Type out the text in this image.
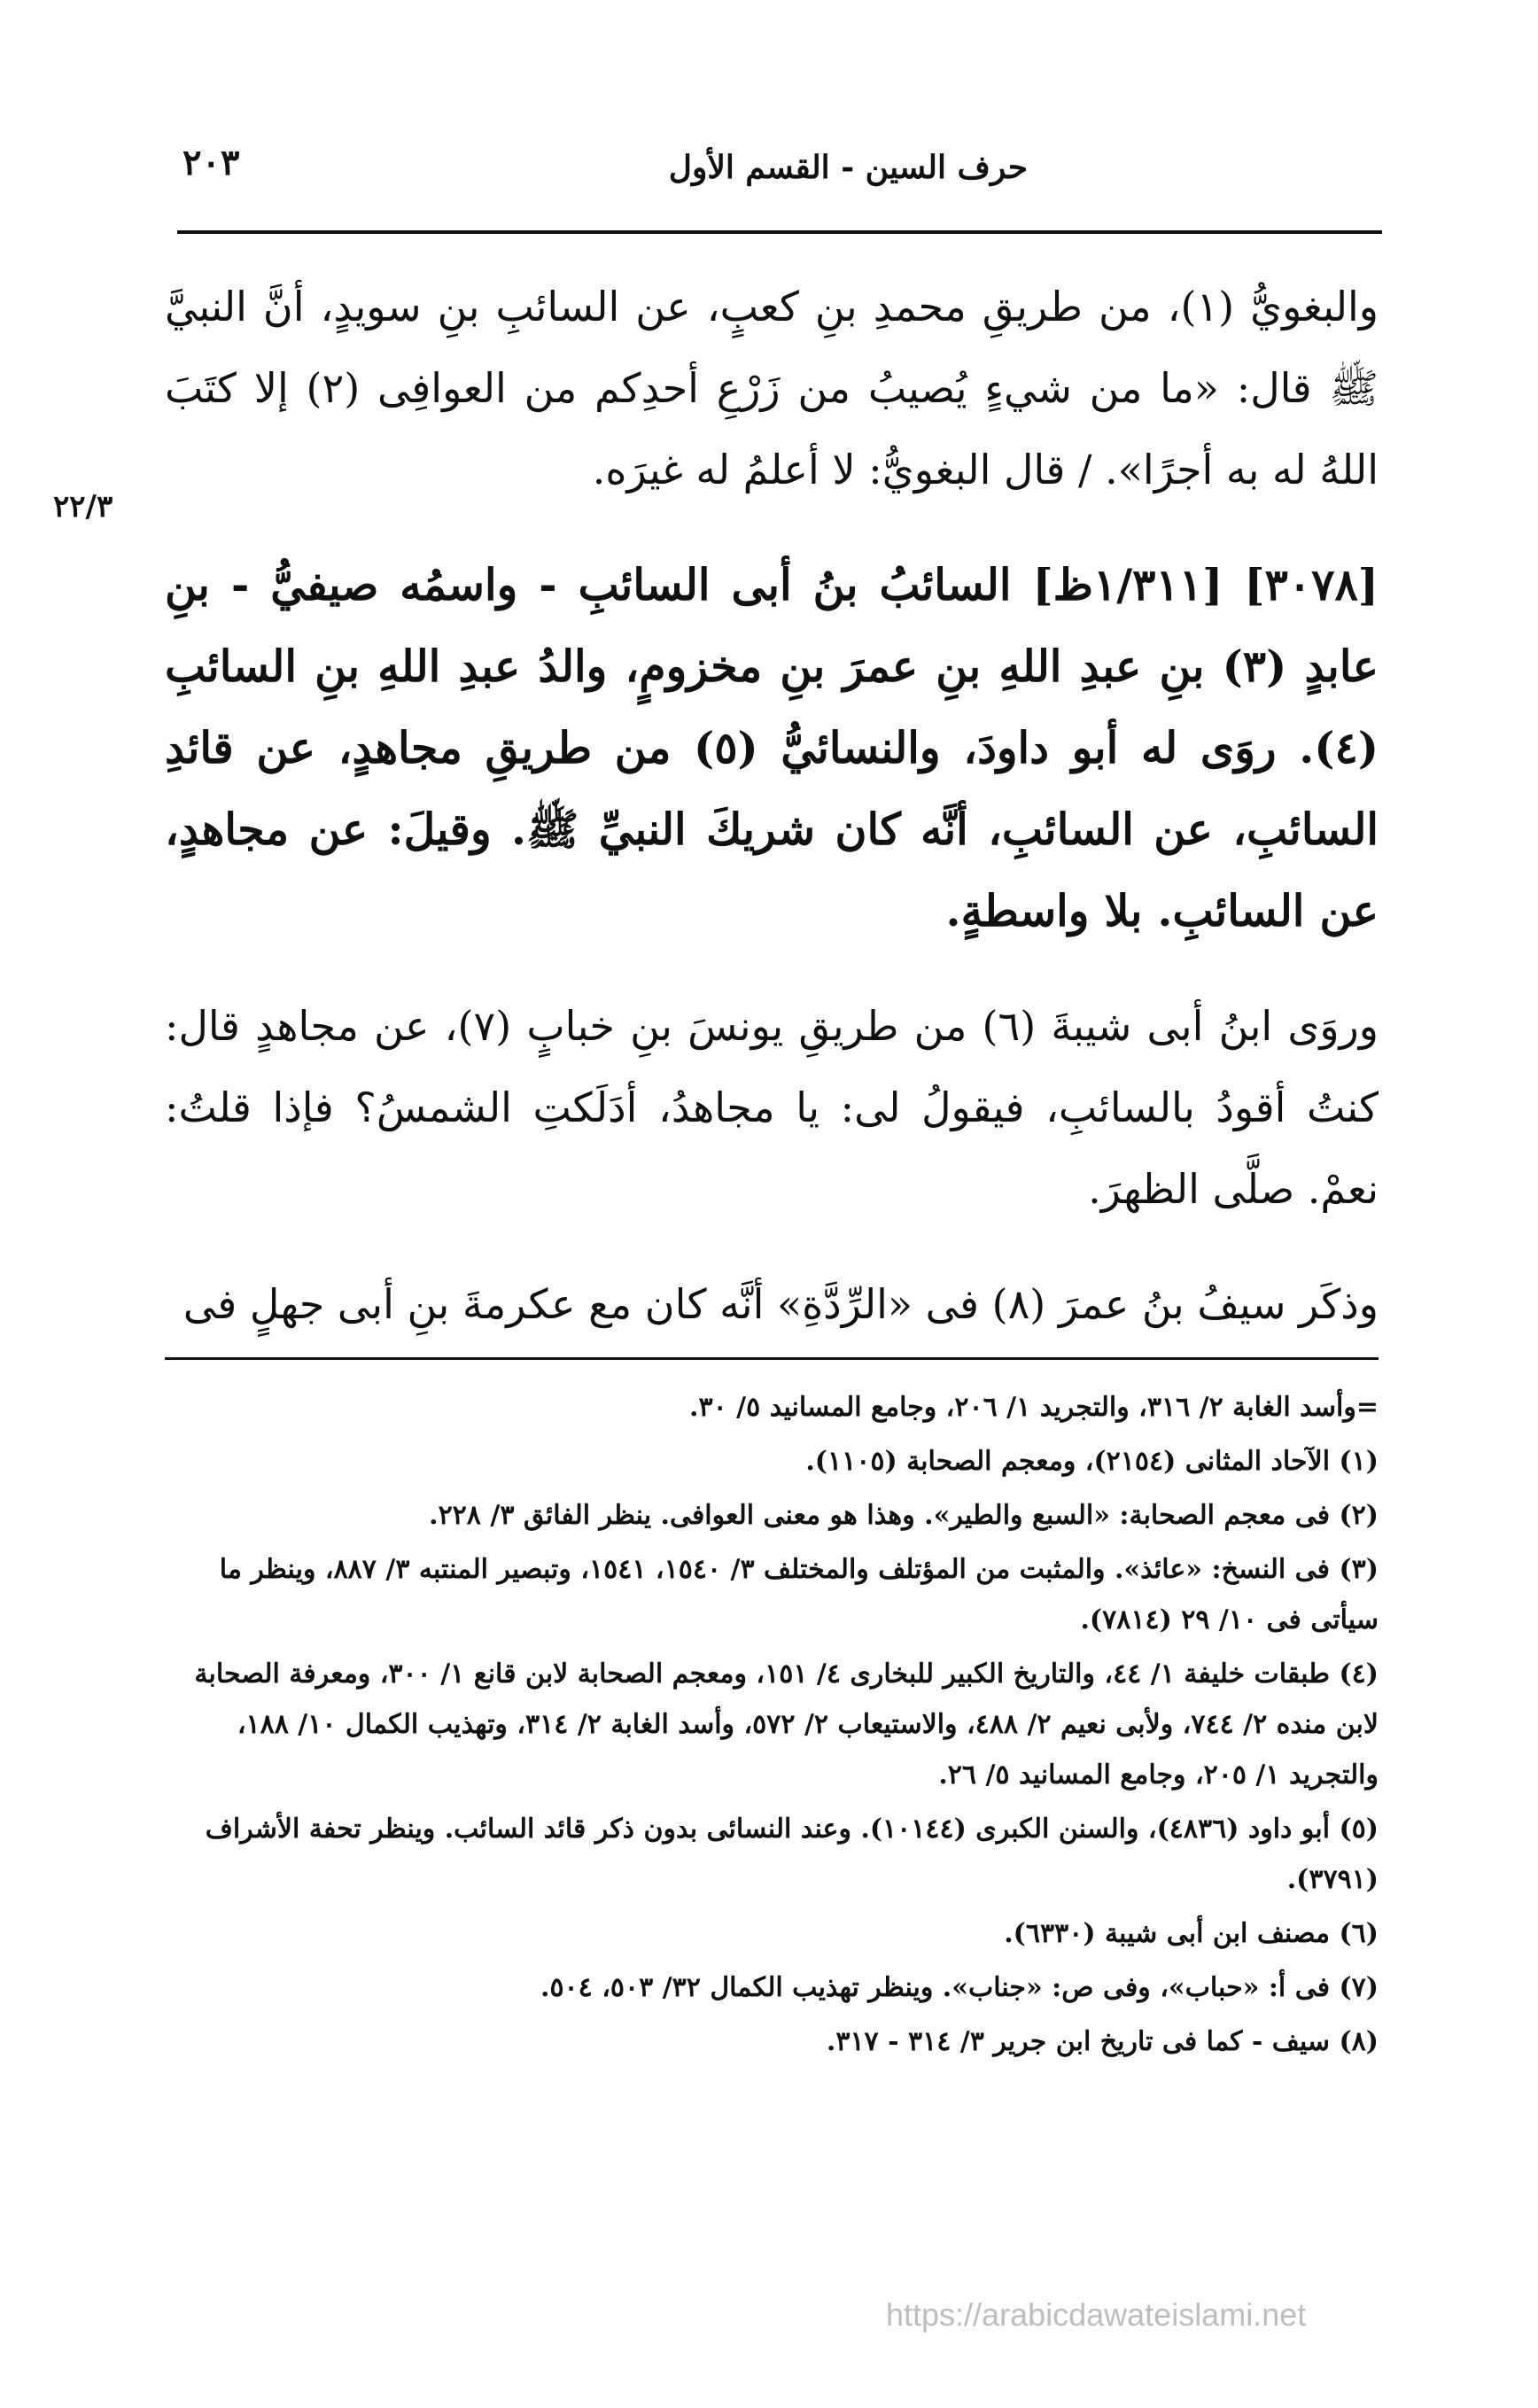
حرف السين - القسم الأول
٢٠٣
٢٢/٣

والبغويُّ (١)، من طريقِ محمدِ بنِ كعبٍ، عن السائبِ بنِ سويدٍ، أنَّ النبيَّ ﷺ قال: «ما من شيءٍ يُصيبُ من زَرْعِ أحدِكم من العوافِى (٢) إلا كتَبَ اللهُ له به أجرًا». / قال البغويُّ: لا أعلمُ له غيرَه.

[٣٠٧٨] [١/٣١١ظ] السائبُ بنُ أبى السائبِ - واسمُه صيفيُّ - بنِ عابدٍ (٣) بنِ عبدِ اللهِ بنِ عمرَ بنِ مخزومٍ، والدُ عبدِ اللهِ بنِ السائبِ (٤). روَى له أبو داودَ، والنسائيُّ (٥) من طريقِ مجاهدٍ، عن قائدِ السائبِ، عن السائبِ، أنَّه كان شريكَ النبيِّ ﷺ. وقيلَ: عن مجاهدٍ، عن السائبِ. بلا واسطةٍ.

وروَى ابنُ أبى شيبةَ (٦) من طريقِ يونسَ بنِ خبابٍ (٧)، عن مجاهدٍ قال: كنتُ أقودُ بالسائبِ، فيقولُ لى: يا مجاهدُ، أدَلَكتِ الشمسُ؟ فإذا قلتُ: نعمْ. صلَّى الظهرَ.

وذكَر سيفُ بنُ عمرَ (٨) فى «الرِّدَّةِ» أنَّه كان مع عكرمةَ بنِ أبى جهلٍ فى

=وأسد الغابة ٢/ ٣١٦، والتجريد ١/ ٢٠٦، وجامع المسانيد ٥/ ٣٠.

(١) الآحاد المثانى (٢١٥٤)، ومعجم الصحابة (١١٠٥).

(٢) فى معجم الصحابة: «السبع والطير». وهذا هو معنى العوافى. ينظر الفائق ٣/ ٢٢٨.

(٣) فى النسخ: «عائذ». والمثبت من المؤتلف والمختلف ٣/ ١٥٤٠، ١٥٤١، وتبصير المنتبه ٣/ ٨٨٧، وينظر ما سيأتى فى ١٠/ ٢٩ (٧٨١٤).

(٤) طبقات خليفة ١/ ٤٤، والتاريخ الكبير للبخارى ٤/ ١٥١، ومعجم الصحابة لابن قانع ١/ ٣٠٠، ومعرفة الصحابة لابن منده ٢/ ٧٤٤، ولأبى نعيم ٢/ ٤٨٨، والاستيعاب ٢/ ٥٧٢، وأسد الغابة ٢/ ٣١٤، وتهذيب الكمال ١٠/ ١٨٨، والتجريد ١/ ٢٠٥، وجامع المسانيد ٥/ ٢٦.

(٥) أبو داود (٤٨٣٦)، والسنن الكبرى (١٠١٤٤). وعند النسائى بدون ذكر قائد السائب. وينظر تحفة الأشراف (٣٧٩١).

(٦) مصنف ابن أبى شيبة (٦٣٣٠).

(٧) فى أ: «حباب»، وفى ص: «جناب». وينظر تهذيب الكمال ٣٢/ ٥٠٣، ٥٠٤.

(٨) سيف - كما فى تاريخ ابن جرير ٣/ ٣١٤ - ٣١٧.

https://arabicdawateislami.net
